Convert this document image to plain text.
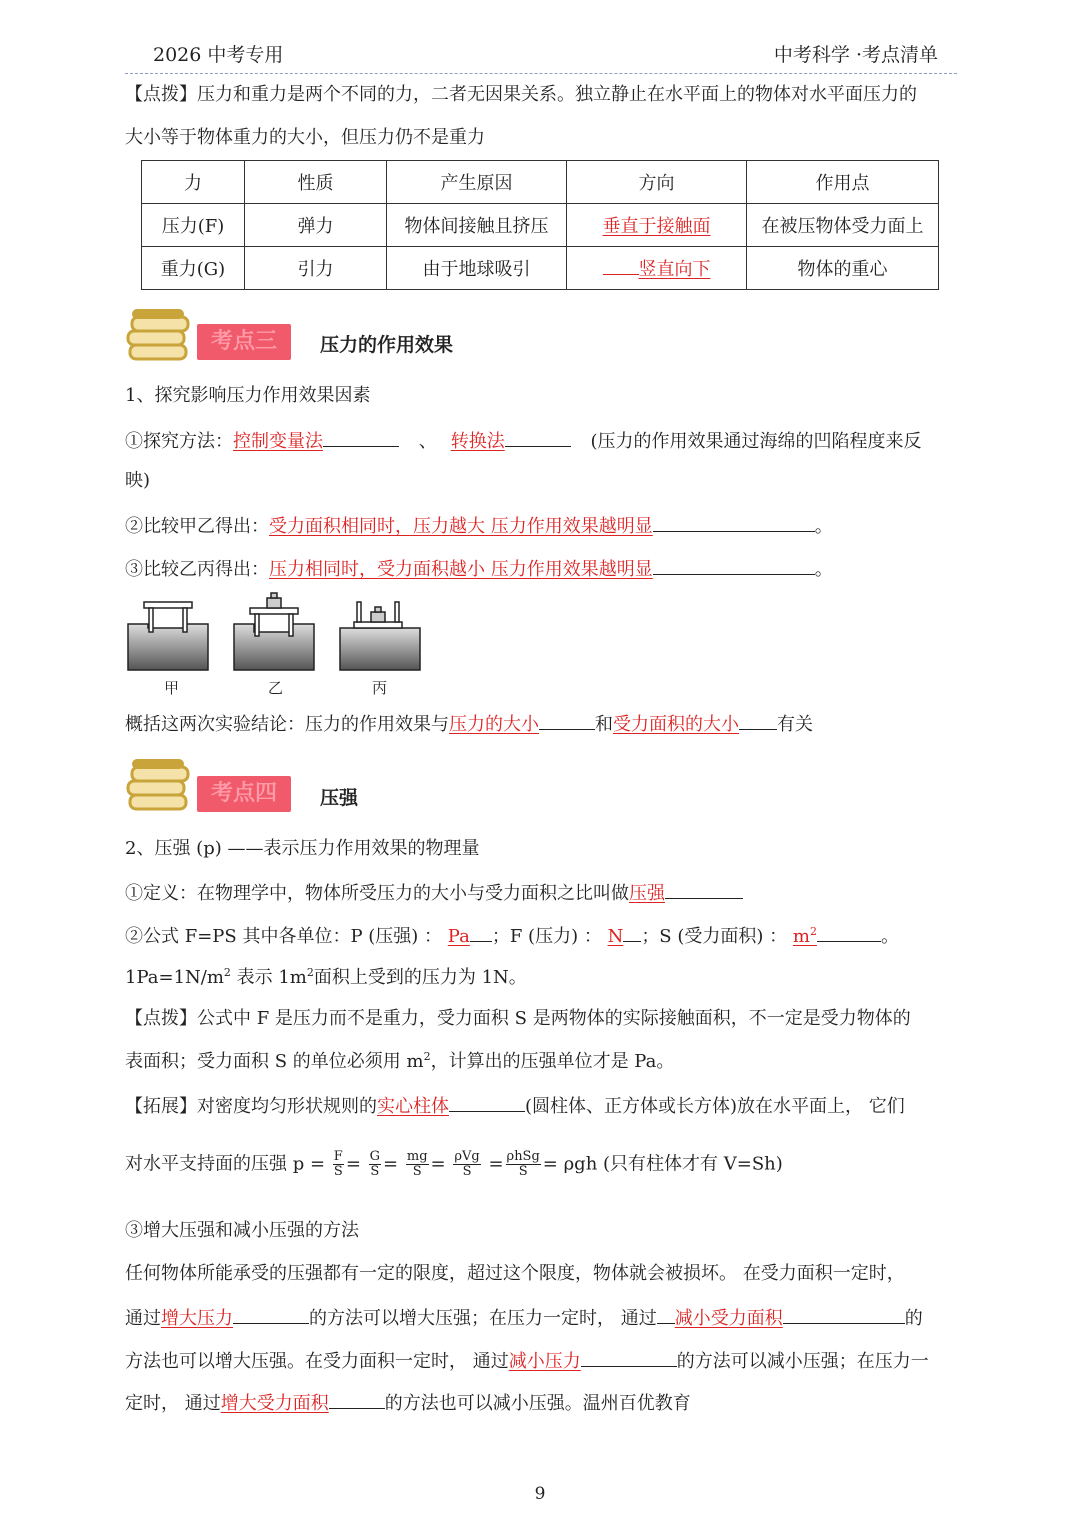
2026 中考专用	中考科学 ·考点清单
【点拨】压力和重力是两个不同的力，二者无因果关系。独立静止在水平面上的物体对水平面压力的
大小等于物体重力的大小，但压力仍不是重力
力	性质	产生原因	方向	作用点
压力(F)	弹力	物体间接触且挤压	垂直于接触面	在被压物体受力面上
重力(G)	引力	由于地球吸引	竖直向下	物体的重心
考点三	压力的作用效果
1、探究影响压力作用效果因素
①探究方法：控制变量法	、 转换法	(压力的作用效果通过海绵的凹陷程度来反
映)
②比较甲乙得出：受力面积相同时，压力越大 压力作用效果越明显	。
③比较乙丙得出：压力相同时，受力面积越小 压力作用效果越明显	。
甲	乙	丙
概括这两次实验结论：压力的作用效果与压力的大小	和受力面积的大小 有关
考点四	压强
2、压强 (p) ——表示压力作用效果的物理量
①定义：在物理学中，物体所受压力的大小与受力面积之比叫做压强
②公式 F=PS 其中各单位：P (压强) ： Pa ；F (压力) ： N ；S (受力面积) ： $m^2$	。
$1Pa=1N/m^2$ 表示 $1m^2$面积上受到的压力为 1N。
【点拨】公式中 F 是压力而不是重力，受力面积 S 是两物体的实际接触面积，不一定是受力物体的
表面积；受力面积 S 的单位必须用 $m^2$，计算出的压强单位才是 Pa。
【拓展】对密度均匀形状规则的实心柱体	(圆柱体、正方体或长方体)放在水平面上， 它们
对水平支持面的压强 $p = \frac{F}{S} = \frac{G}{S} = \frac{mg}{S} = \frac{\text{ρVg}}{S} = \frac{\text{ρhSg}}{S} = \rho gh$ (只有柱体才有 V=Sh)
③增大压强和减小压强的方法
任何物体所能承受的压强都有一定的限度，超过这个限度，物体就会被损坏。 在受力面积一定时，
通过增大压力	的方法可以增大压强；在压力一定时， 通过 减小受力面积	的
方法也可以增大压强。在受力面积一定时， 通过减小压力	的方法可以减小压强；在压力一
定时， 通过增大受力面积	的方法也可以减小压强。温州百优教育
9
